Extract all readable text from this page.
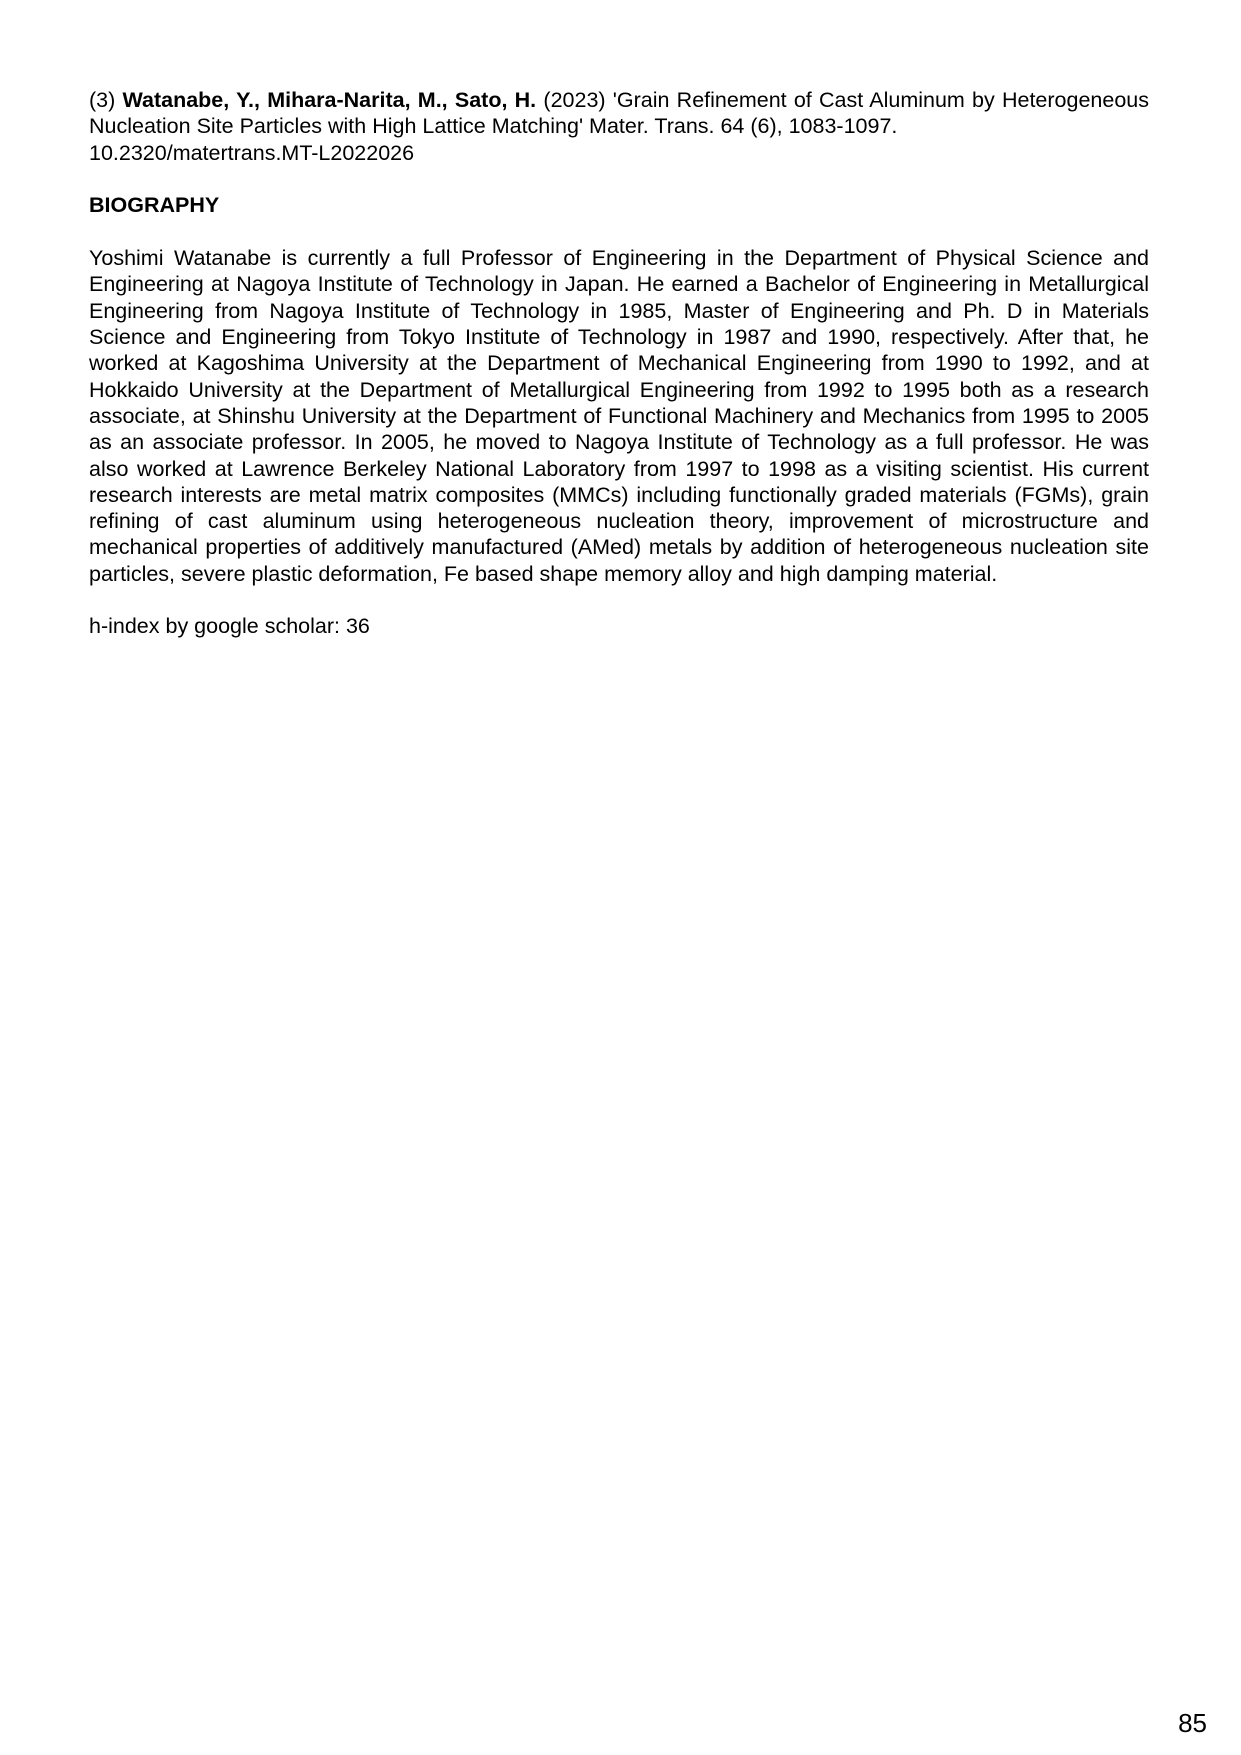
(3) Watanabe, Y., Mihara-Narita, M., Sato, H. (2023) 'Grain Refinement of Cast Aluminum by Heterogeneous Nucleation Site Particles with High Lattice Matching' Mater. Trans. 64 (6), 1083-1097.
10.2320/matertrans.MT-L2022026

BIOGRAPHY

Yoshimi Watanabe is currently a full Professor of Engineering in the Department of Physical Science and Engineering at Nagoya Institute of Technology in Japan. He earned a Bachelor of Engineering in Metallurgical Engineering from Nagoya Institute of Technology in 1985, Master of Engineering and Ph. D in Materials Science and Engineering from Tokyo Institute of Technology in 1987 and 1990, respectively. After that, he worked at Kagoshima University at the Department of Mechanical Engineering from 1990 to 1992, and at Hokkaido University at the Department of Metallurgical Engineering from 1992 to 1995 both as a research associate, at Shinshu University at the Department of Functional Machinery and Mechanics from 1995 to 2005 as an associate professor. In 2005, he moved to Nagoya Institute of Technology as a full professor. He was also worked at Lawrence Berkeley National Laboratory from 1997 to 1998 as a visiting scientist. His current research interests are metal matrix composites (MMCs) including functionally graded materials (FGMs), grain refining of cast aluminum using heterogeneous nucleation theory, improvement of microstructure and mechanical properties of additively manufactured (AMed) metals by addition of heterogeneous nucleation site particles, severe plastic deformation, Fe based shape memory alloy and high damping material.

h-index by google scholar: 36

85
